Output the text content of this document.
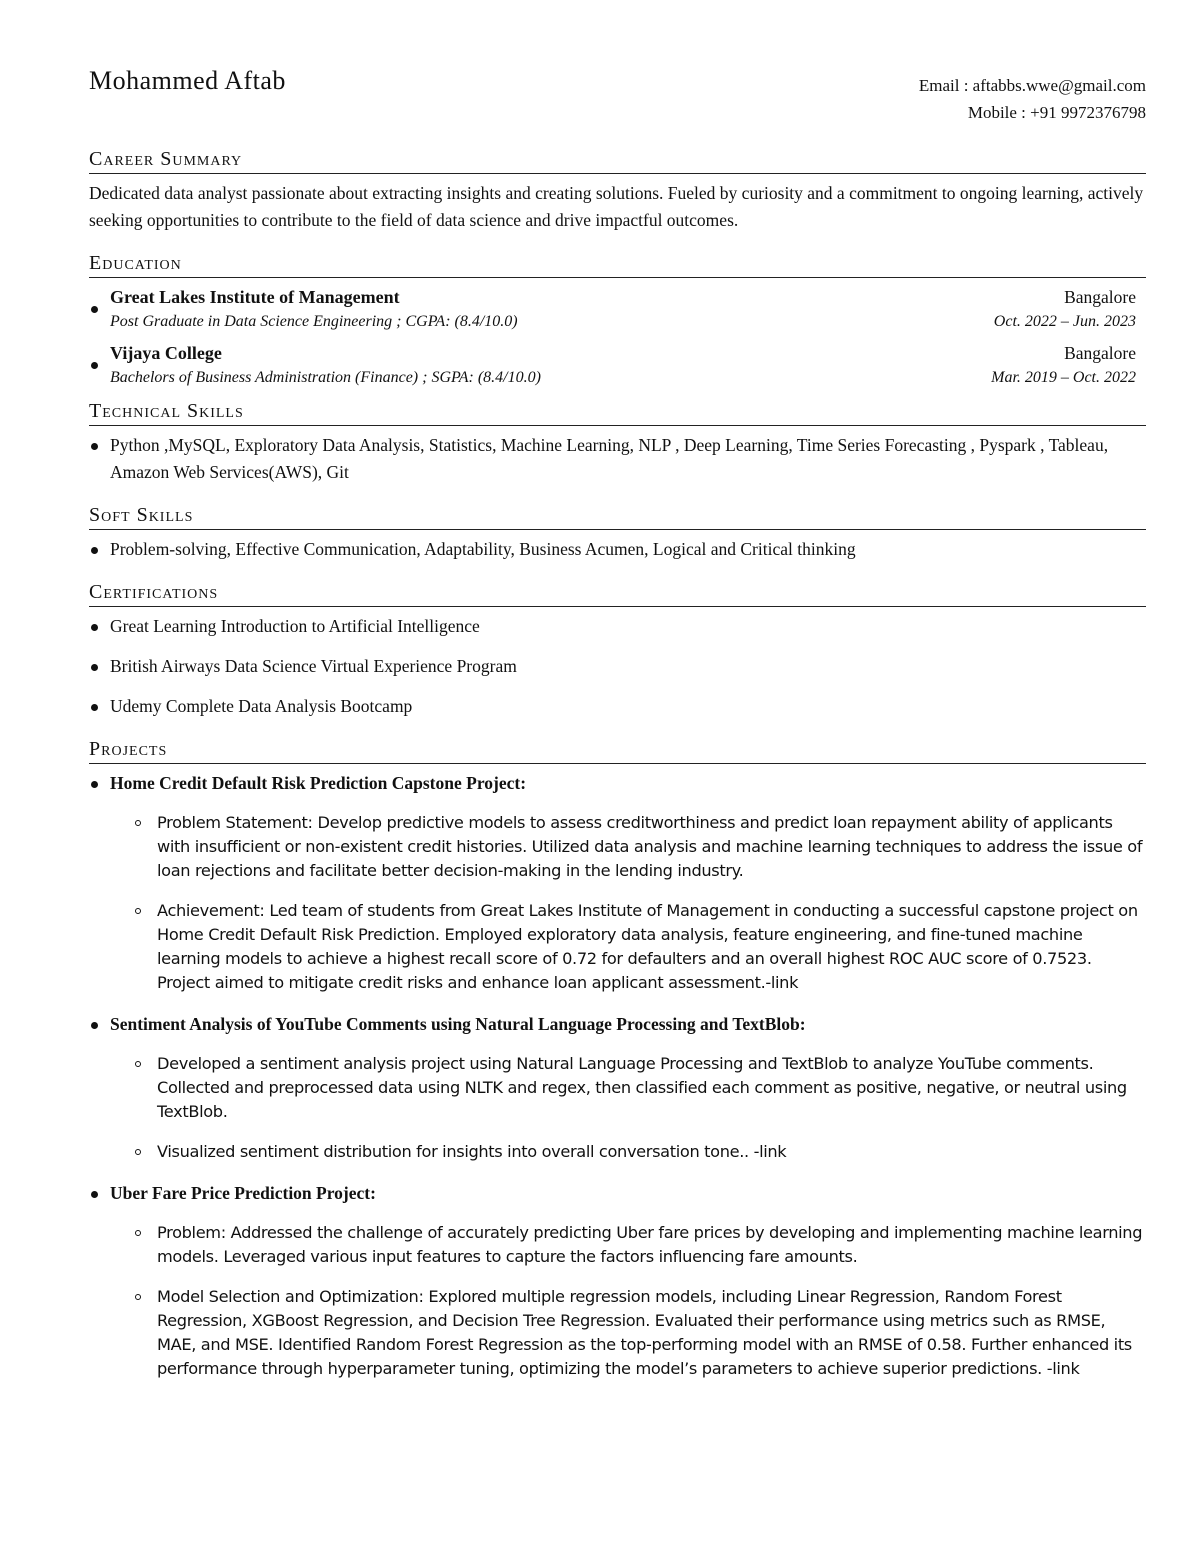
Mohammed Aftab	Email : aftabbs.wwe@gmail.com
Mobile : +91 9972376798
Career Summary
Dedicated data analyst passionate about extracting insights and creating solutions. Fueled by curiosity and a commitment to ongoing learning, actively seeking opportunities to contribute to the field of data science and drive impactful outcomes.
Education
Great Lakes Institute of Management	Bangalore
Post Graduate in Data Science Engineering ; CGPA: (8.4/10.0)	Oct. 2022 – Jun. 2023
Vijaya College	Bangalore
Bachelors of Business Administration (Finance) ; SGPA: (8.4/10.0)	Mar. 2019 – Oct. 2022
Technical Skills
Python ,MySQL, Exploratory Data Analysis, Statistics, Machine Learning, NLP , Deep Learning, Time Series Forecasting , Pyspark , Tableau, Amazon Web Services(AWS), Git
Soft Skills
Problem-solving, Effective Communication, Adaptability, Business Acumen, Logical and Critical thinking
Certifications
Great Learning Introduction to Artificial Intelligence
British Airways Data Science Virtual Experience Program
Udemy Complete Data Analysis Bootcamp
Projects
Home Credit Default Risk Prediction Capstone Project:
Problem Statement: Develop predictive models to assess creditworthiness and predict loan repayment ability of applicants with insufficient or non-existent credit histories. Utilized data analysis and machine learning techniques to address the issue of loan rejections and facilitate better decision-making in the lending industry.
Achievement: Led team of students from Great Lakes Institute of Management in conducting a successful capstone project on Home Credit Default Risk Prediction. Employed exploratory data analysis, feature engineering, and fine-tuned machine learning models to achieve a highest recall score of 0.72 for defaulters and an overall highest ROC AUC score of 0.7523. Project aimed to mitigate credit risks and enhance loan applicant assessment.-link
Sentiment Analysis of YouTube Comments using Natural Language Processing and TextBlob:
Developed a sentiment analysis project using Natural Language Processing and TextBlob to analyze YouTube comments. Collected and preprocessed data using NLTK and regex, then classified each comment as positive, negative, or neutral using TextBlob.
Visualized sentiment distribution for insights into overall conversation tone.. -link
Uber Fare Price Prediction Project:
Problem: Addressed the challenge of accurately predicting Uber fare prices by developing and implementing machine learning models. Leveraged various input features to capture the factors influencing fare amounts.
Model Selection and Optimization: Explored multiple regression models, including Linear Regression, Random Forest Regression, XGBoost Regression, and Decision Tree Regression. Evaluated their performance using metrics such as RMSE, MAE, and MSE. Identified Random Forest Regression as the top-performing model with an RMSE of 0.58. Further enhanced its performance through hyperparameter tuning, optimizing the model’s parameters to achieve superior predictions. -link
